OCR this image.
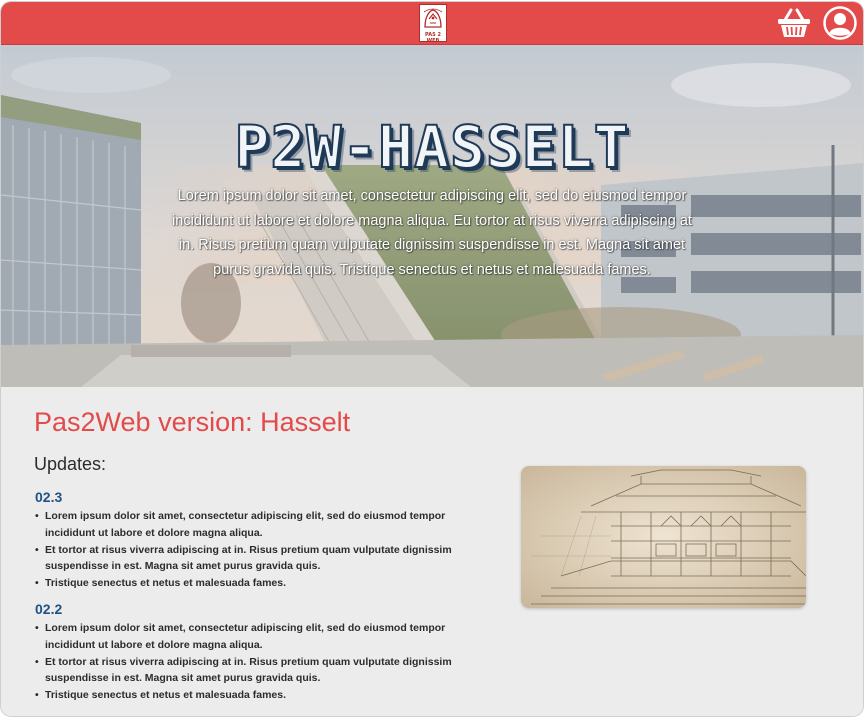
PAS 2 WEB
P2W-HASSELT
Lorem ipsum dolor sit amet, consectetur adipiscing elit, sed do eiusmod tempor incididunt ut labore et dolore magna aliqua. Eu tortor at risus viverra adipiscing at in. Risus pretium quam vulputate dignissim suspendisse in est. Magna sit amet purus gravida quis. Tristique senectus et netus et malesuada fames.
Pas2Web version: Hasselt
Updates:
02.3
• Lorem ipsum dolor sit amet, consectetur adipiscing elit, sed do eiusmod tempor incididunt ut labore et dolore magna aliqua.
• Et tortor at risus viverra adipiscing at in. Risus pretium quam vulputate dignissim suspendisse in est. Magna sit amet purus gravida quis.
• Tristique senectus et netus et malesuada fames.
02.2
• Lorem ipsum dolor sit amet, consectetur adipiscing elit, sed do eiusmod tempor incididunt ut labore et dolore magna aliqua.
• Et tortor at risus viverra adipiscing at in. Risus pretium quam vulputate dignissim suspendisse in est. Magna sit amet purus gravida quis.
• Tristique senectus et netus et malesuada fames.
